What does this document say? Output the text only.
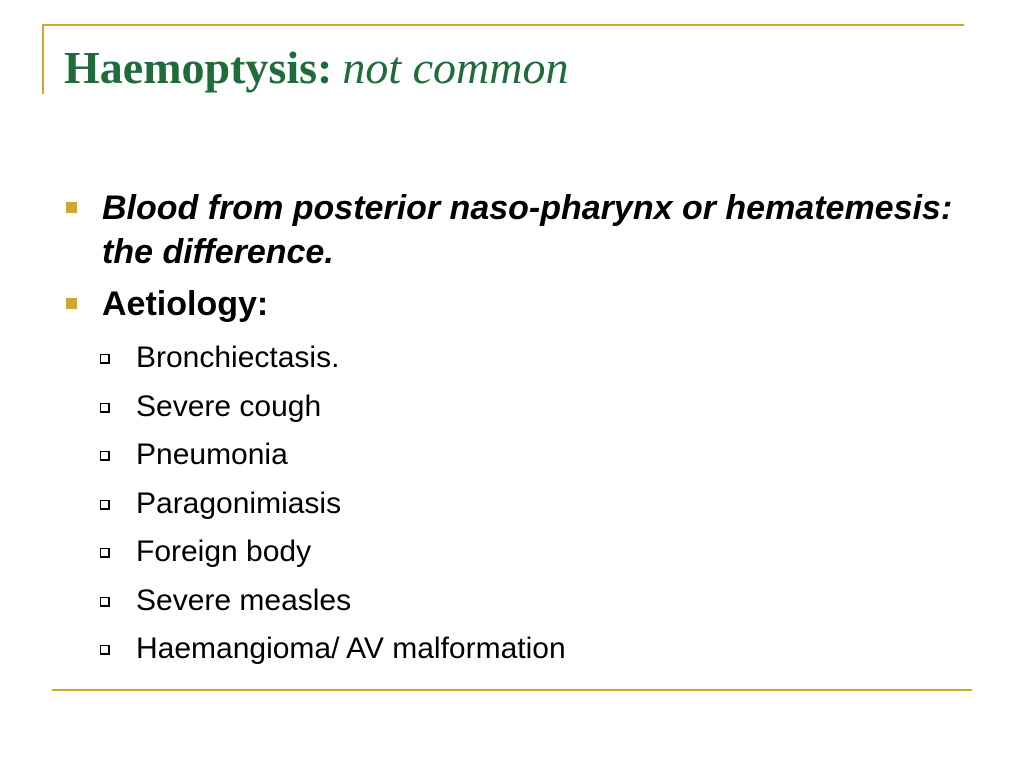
Haemoptysis: not common
Blood from posterior naso-pharynx or hematemesis: the difference.
Aetiology:
Bronchiectasis.
Severe cough
Pneumonia
Paragonimiasis
Foreign body
Severe measles
Haemangioma/ AV malformation
